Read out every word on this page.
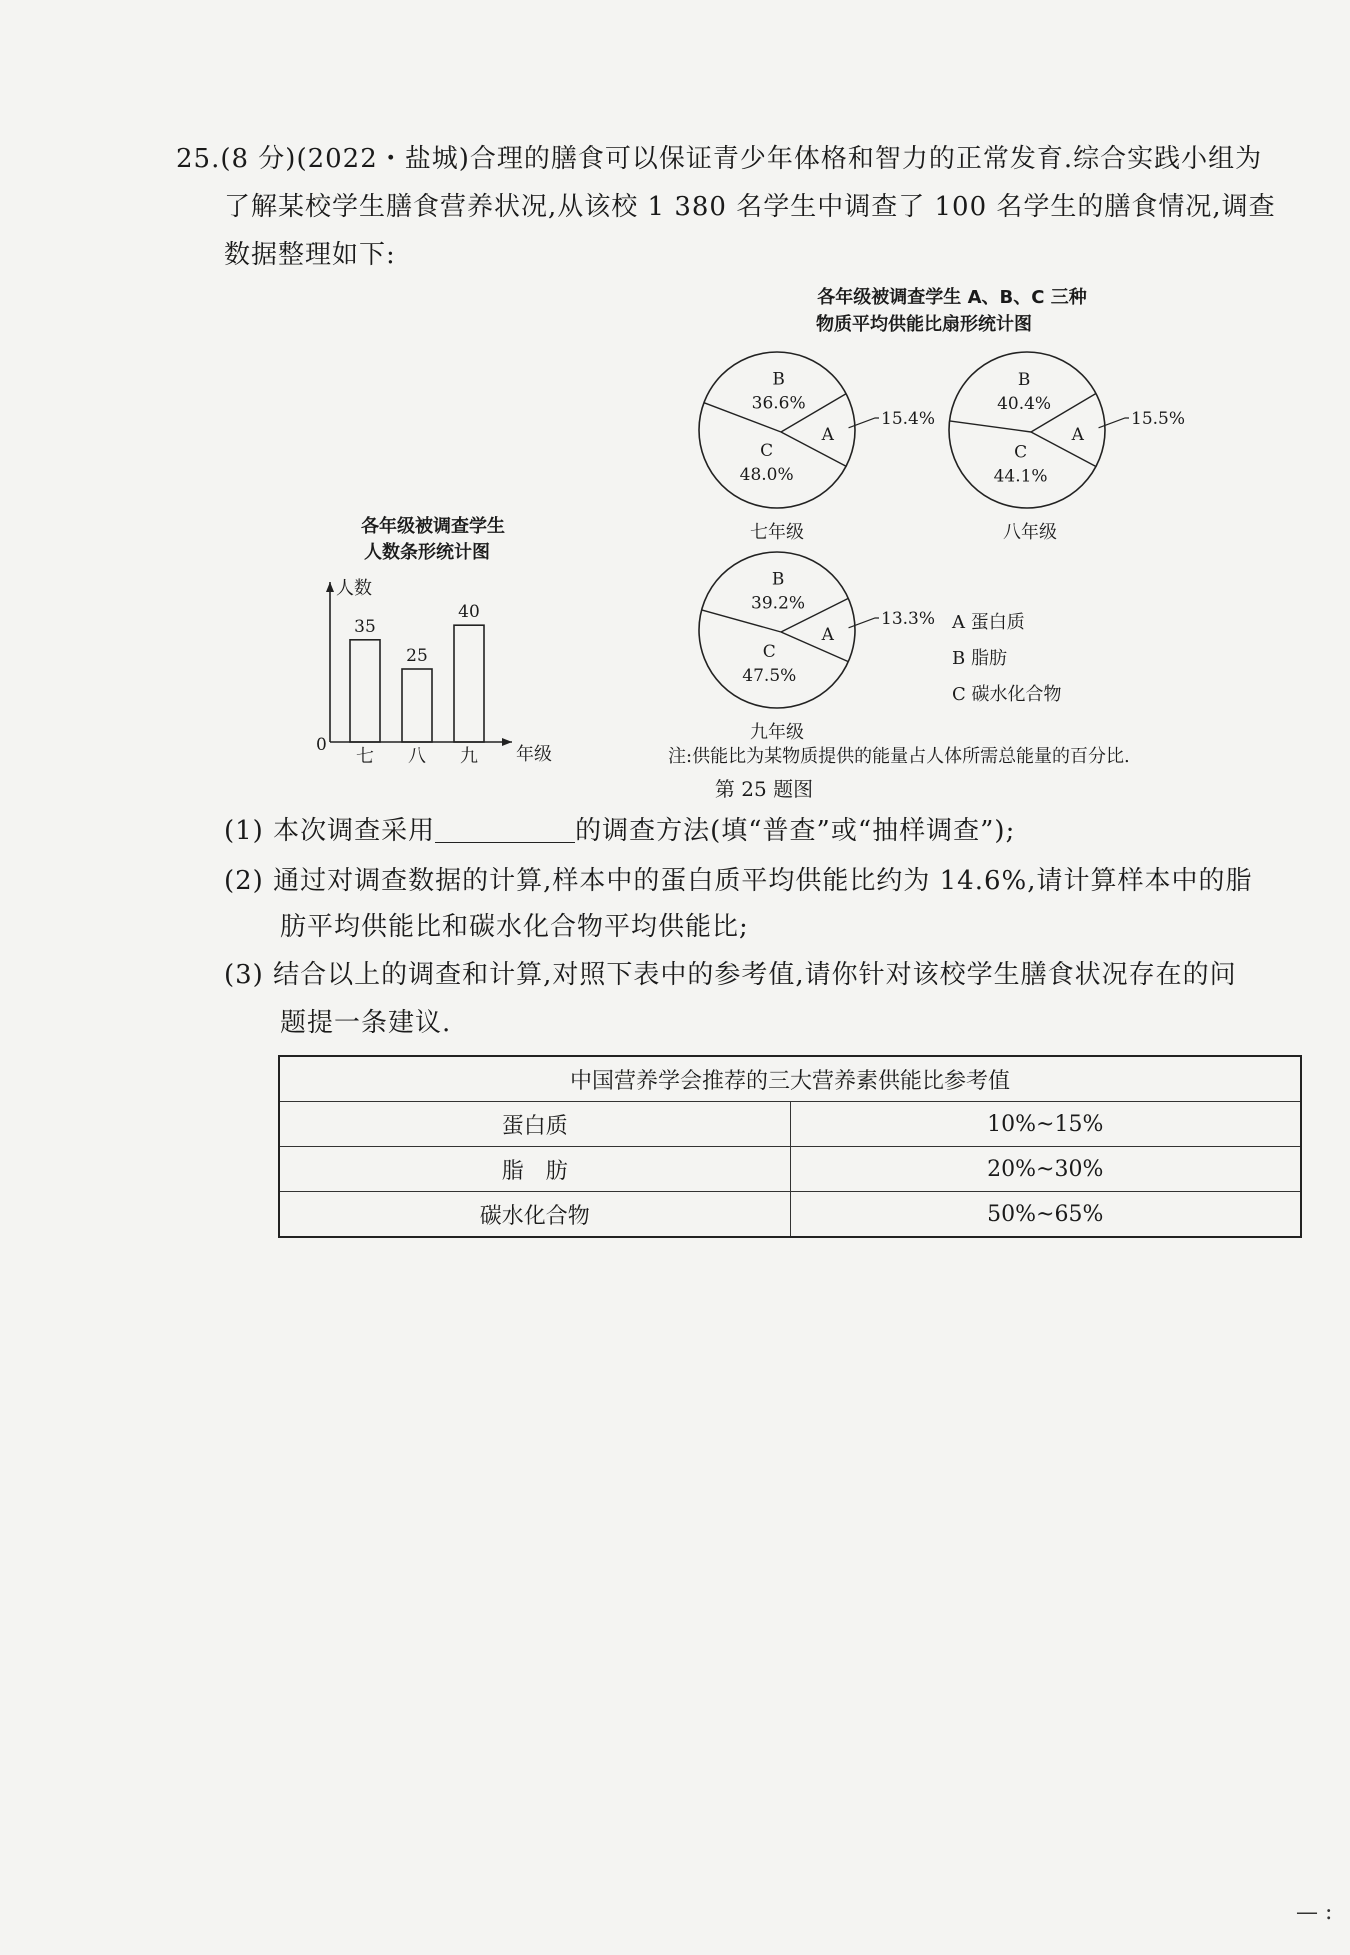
25.(8 分)(2022・盐城)合理的膳食可以保证青少年体格和智力的正常发育.综合实践小组为
了解某校学生膳食营养状况,从该校 1 380 名学生中调查了 100 名学生的膳食情况,调查
数据整理如下:
各年级被调查学生 A、B、C 三种
物质平均供能比扇形统计图
各年级被调查学生
人数条形统计图
B
36.6%
C
48.0%
A
15.4%
七年级
B
40.4%
C
44.1%
A
15.5%
八年级
B
39.2%
C
47.5%
A
13.3%
九年级
A 蛋白质
B 脂肪
C 碳水化合物
人数
0	年级
35
七
25
八
40
九	注:供能比为某物质提供的能量占人体所需总能量的百分比.
第 25 题图
(1) 本次调查采用	的调查方法(填“普查”或“抽样调查”);
(2) 通过对调查数据的计算,样本中的蛋白质平均供能比约为 14.6%,请计算样本中的脂
肪平均供能比和碳水化合物平均供能比;
(3) 结合以上的调查和计算,对照下表中的参考值,请你针对该校学生膳食状况存在的问
题提一条建议.
中国营养学会推荐的三大营养素供能比参考值	
蛋白质	10%~15%
脂　肪	20%~30%
碳水化合物	50%~65%
— :
